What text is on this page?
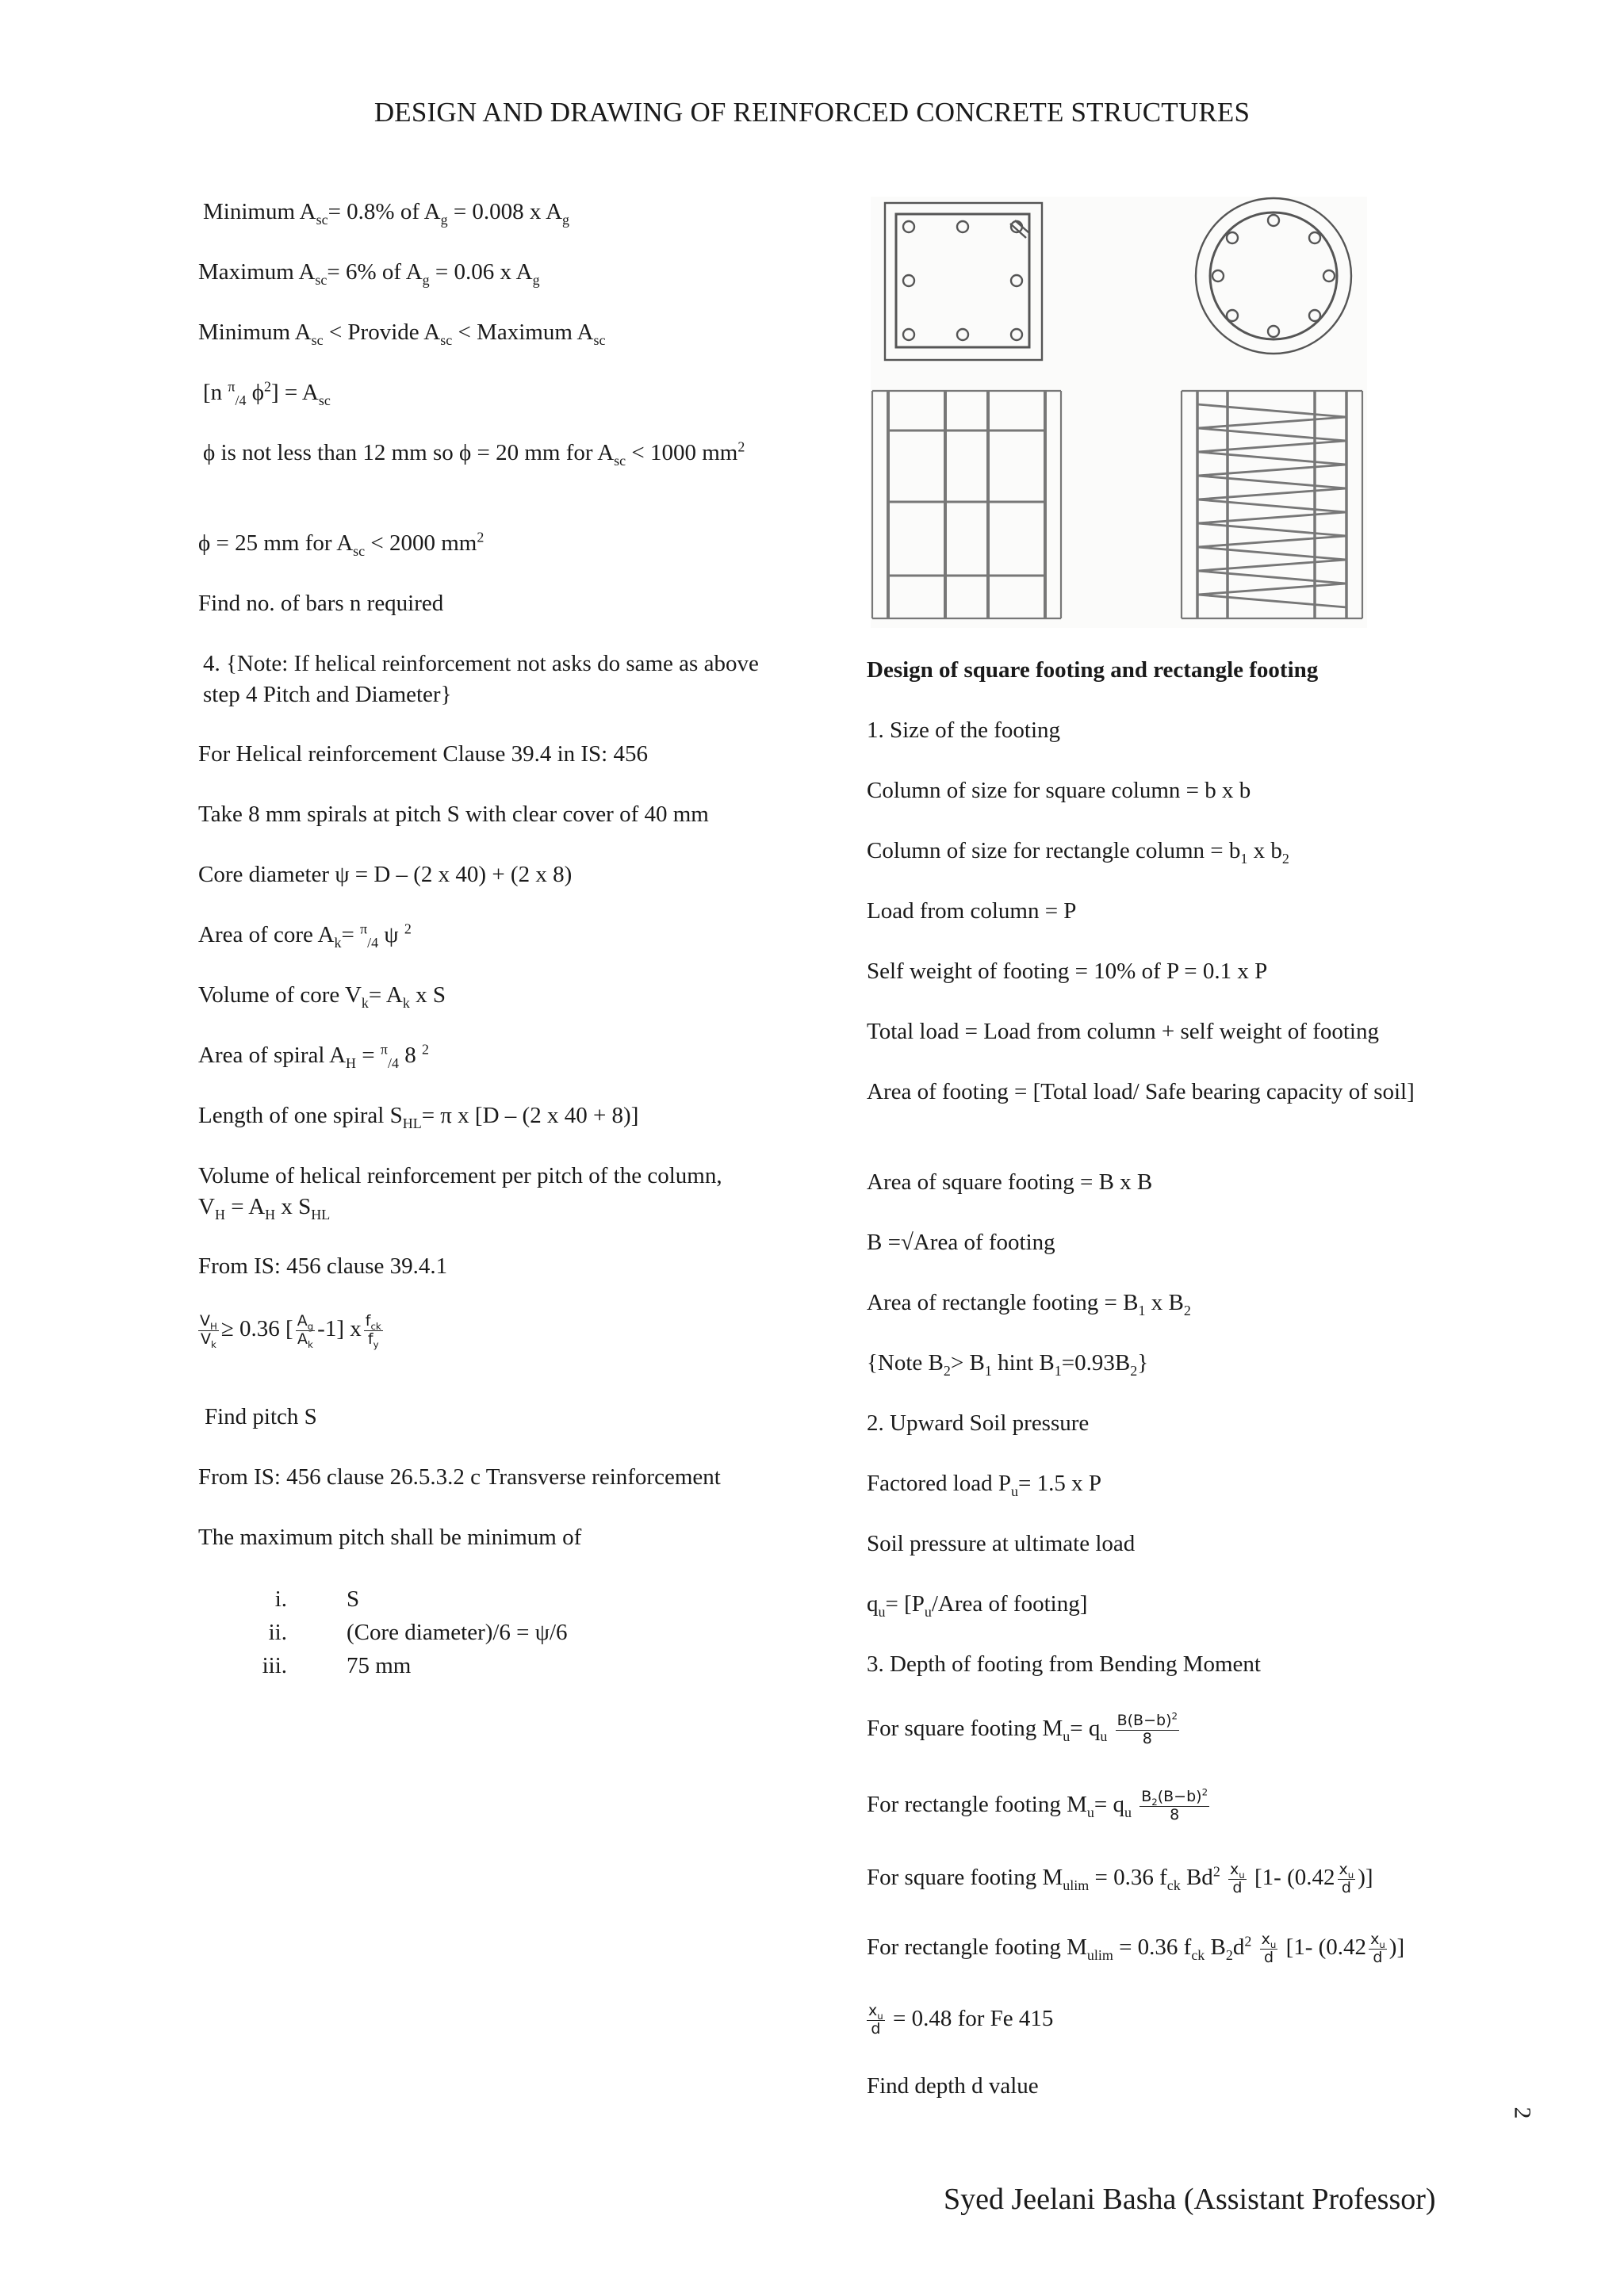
DESIGN AND DRAWING OF REINFORCED CONCRETE STRUCTURES
Minimum $A_{sc}= 0.8\%$ of $A_g = 0.008$ x $A_g$
Maximum $A_{sc}= 6\%$ of $A_g = 0.06$ x $A_g$
Minimum $A_{sc}$ < Provide $A_{sc}$ < Maximum $A_{sc}$
[n $^\pi_{/4}$ $\phi^2] = A_{sc}$
ϕ is not less than 12 mm so ϕ = 20 mm for $A_{sc} < 1000$ $mm^2$
ϕ = 25 mm for $A_{sc} < 2000$ $mm^2$
Find no. of bars n required
4. {Note: If helical reinforcement not asks do same as above step 4 Pitch and Diameter}
For Helical reinforcement Clause 39.4 in IS: 456
Take 8 mm spirals at pitch S with clear cover of 40 mm
Core diameter ψ = D – (2 x 40) + (2 x 8)
Area of core $A_k= ^\pi_{/4}$ ψ $^2$
Volume of core $V_k= A_k$ x S
Area of spiral $A_H = ^\pi_{/4}$ 8 $^2$
Length of one spiral $S_{HL}= \pi$ x [D – (2 x 40 + 8)]
Volume of helical reinforcement per pitch of the column,
$V_H = A_H$ x $S_{HL}$
From IS: 456 clause 39.4.1
$\frac{V_H}{V_k} \ge 0.36$ [ $\frac{A_g}{A_k} -1$] x $\frac{f_{ck}}{f_y}$
Find pitch S
From IS: 456 clause 26.5.3.2 c Transverse reinforcement
The maximum pitch shall be minimum of
i.	S
ii.	(Core diameter)/6 = ψ/6
iii.	75 mm
Design of square footing and rectangle footing
1. Size of the footing
Column of size for square column = b x b
Column of size for rectangle column = $b_1$ x $b_2$
Load from column = P
Self weight of footing = 10% of P = 0.1 x P
Total load = Load from column + self weight of footing
Area of footing = [Total load/ Safe bearing capacity of soil]
Area of square footing = B x B
B =√Area of footing
Area of rectangle footing = $B_1$ x $B_2$
{Note $B_2> B_1$ hint $B_1=0.93B_2$}
2. Upward Soil pressure
Factored load $P_u= 1.5$ x P
Soil pressure at ultimate load
$q_u=$ [$P_u$/Area of footing]
3. Depth of footing from Bending Moment
For square footing $M_u= q_u \frac{B(B-b)^2}{8}$
For rectangle footing $M_u= q_u \frac{B_2(B-b)^2}{8}$
For square footing $M_{ulim} = 0.36$ $f_{ck}$ $Bd^2 \frac{x_u}{d} [1-$ ($0.42 \frac{x_u}{d}$ )]
For rectangle footing $M_{ulim} = 0.36$ $f_{ck}$ $B_2d^2 \frac{x_u}{d} [1-$ ($0.42 \frac{x_u}{d}$ )]
$\frac{x_u}{d} = 0.48$ for Fe 415
Find depth d value
2
Syed Jeelani Basha (Assistant Professor)
